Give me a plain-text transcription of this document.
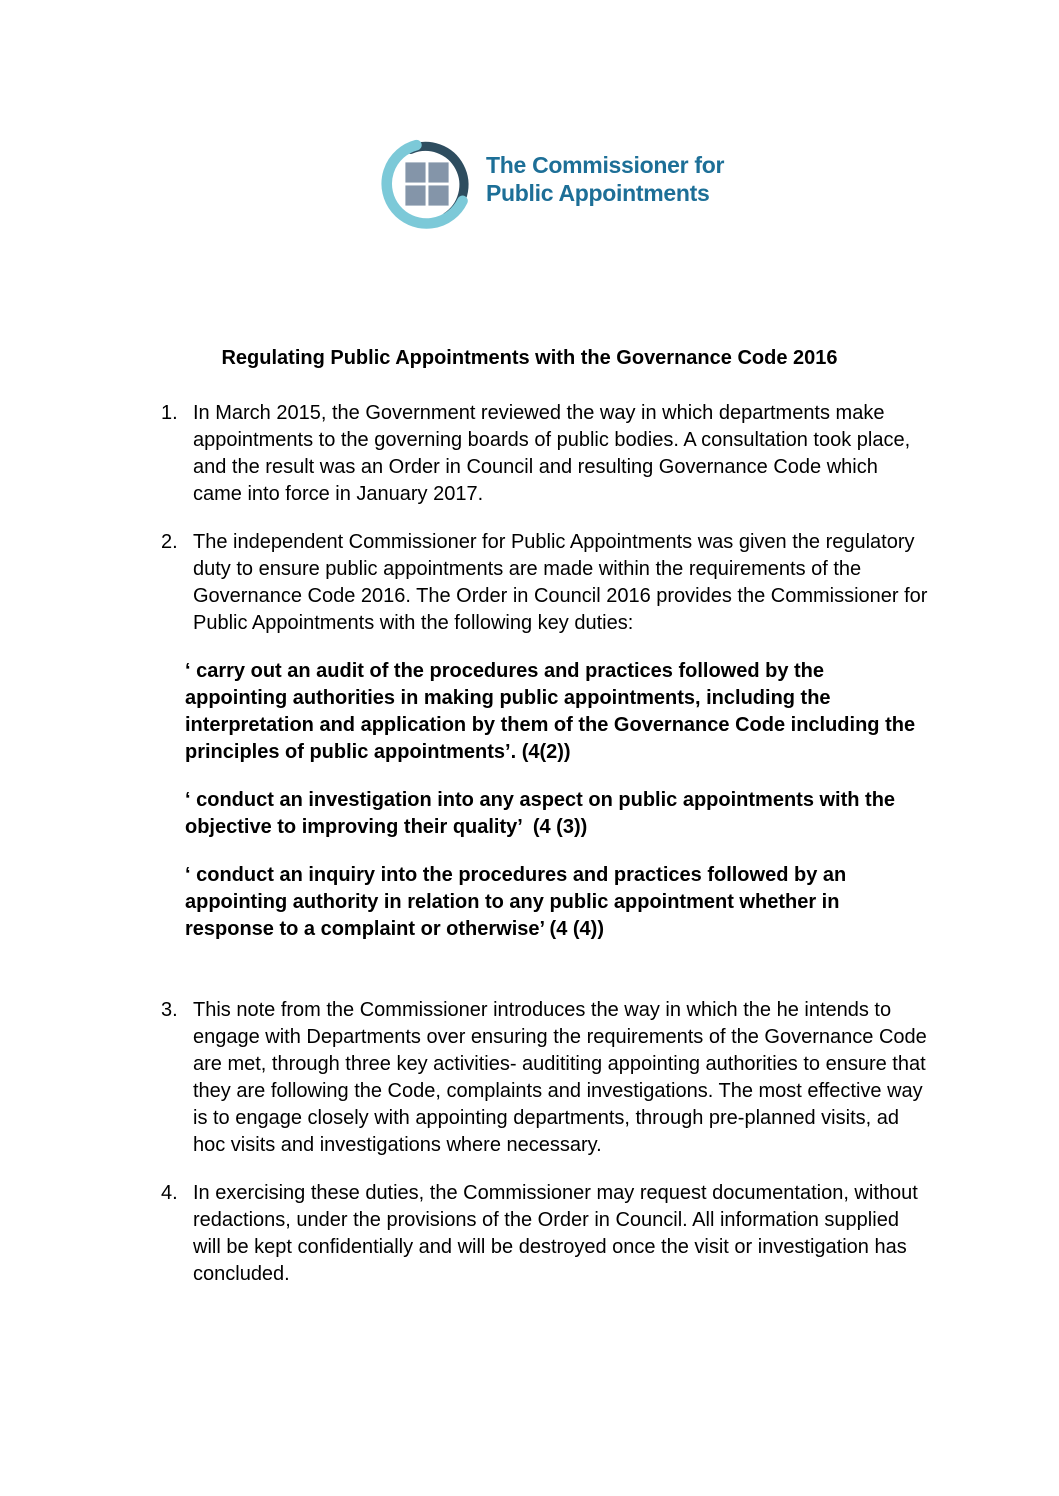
The Commissioner for
Public Appointments

Regulating Public Appointments with the Governance Code 2016

1. In March 2015, the Government reviewed the way in which departments make appointments to the governing boards of public bodies. A consultation took place, and the result was an Order in Council and resulting Governance Code which came into force in January 2017.
2. The independent Commissioner for Public Appointments was given the regulatory duty to ensure public appointments are made within the requirements of the Governance Code 2016. The Order in Council 2016 provides the Commissioner for Public Appointments with the following key duties:

‘ carry out an audit of the procedures and practices followed by the appointing authorities in making public appointments, including the interpretation and application by them of the Governance Code including the principles of public appointments’. (4(2))

‘ conduct an investigation into any aspect on public appointments with the objective to improving their quality’  (4 (3))

‘ conduct an inquiry into the procedures and practices followed by an appointing authority in relation to any public appointment whether in response to a complaint or otherwise’ (4 (4))

3. This note from the Commissioner introduces the way in which the he intends to engage with Departments over ensuring the requirements of the Governance Code are met, through three key activities- audititing appointing authorities to ensure that they are following the Code, complaints and investigations. The most effective way is to engage closely with appointing departments, through pre-planned visits, ad hoc visits and investigations where necessary.
4. In exercising these duties, the Commissioner may request documentation, without redactions, under the provisions of the Order in Council. All information supplied will be kept confidentially and will be destroyed once the visit or investigation has concluded.
